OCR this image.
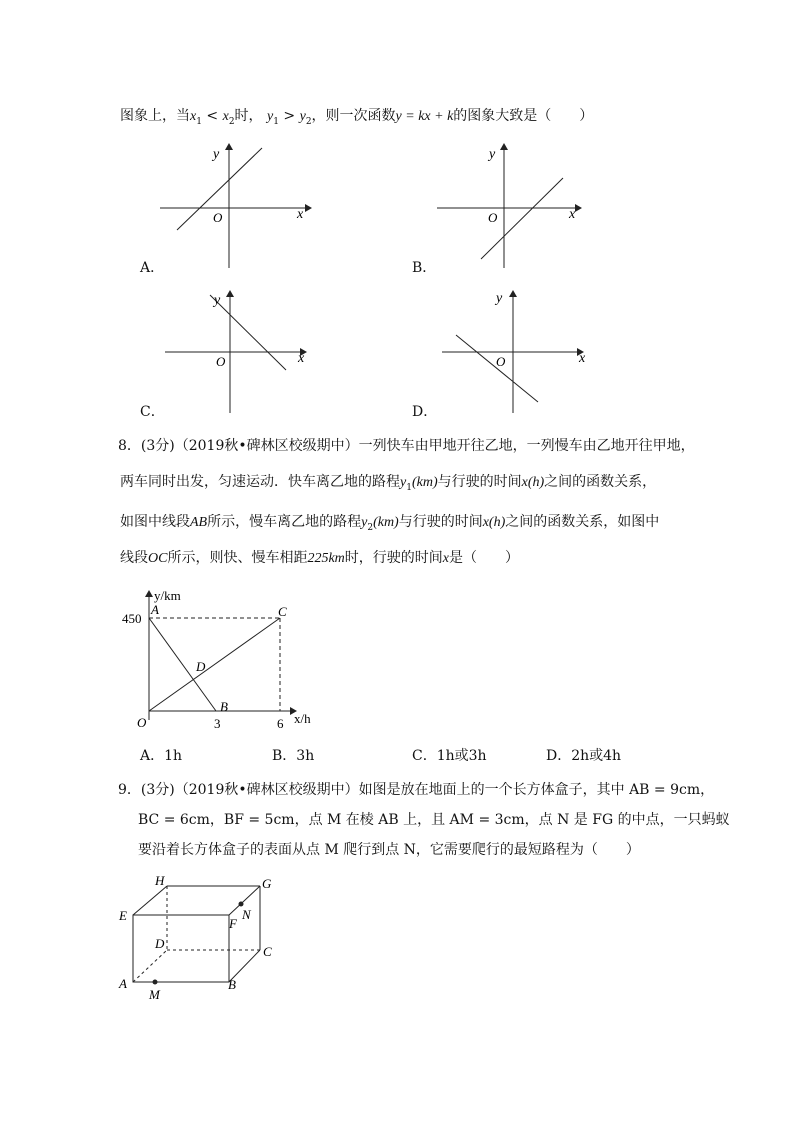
图象上，当$x_1 < x_2$时， $y_1 > y_2$，则一次函数y = kx + k的图象大致是（　　）
y
x
O
A．
y
x
O
B．
y
x
O
C．
y
x
O
D．
8．(3分)（2019秋•碑林区校级期中）一列快车由甲地开往乙地，一列慢车由乙地开往甲地，
两车同时出发，匀速运动．快车离乙地的路程$y_1(km)$与行驶的时间x(h)之间的函数关系，
如图中线段AB所示，慢车离乙地的路程$y_2(km)$与行驶的时间x(h)之间的函数关系，如图中
线段OC所示，则快、慢车相距225km时，行驶的时间x是（　　）
y/km
x/h
450
3	6
A
B
C
D
O
A．1h	B．3h	C．1h或3h	D．2h或4h
9．(3分)（2019秋•碑林区校级期中）如图是放在地面上的一个长方体盒子，其中 AB = 9cm，
BC = 6cm，BF = 5cm，点 M 在棱 AB 上，且 AM = 3cm，点 N 是 FG 的中点，一只蚂蚁
要沿着长方体盒子的表面从点 M 爬行到点 N，它需要爬行的最短路程为（　　）
H	G
E
F
N
D
C
A
M
B
